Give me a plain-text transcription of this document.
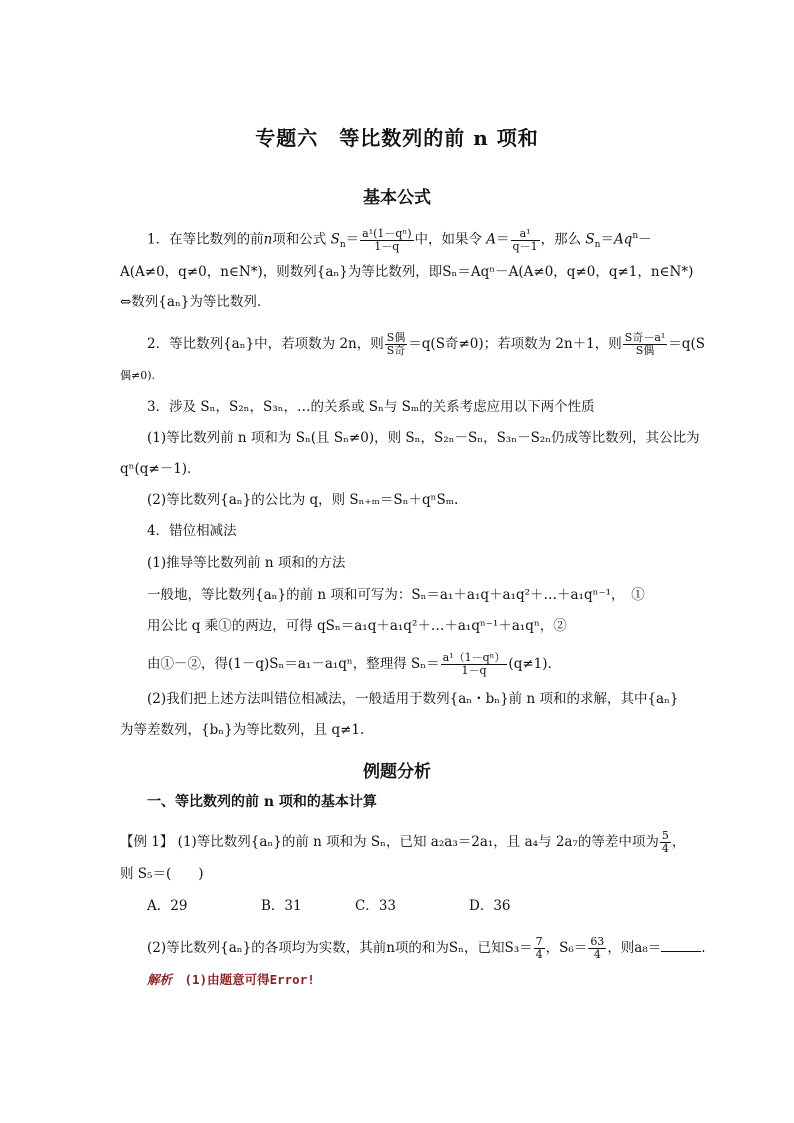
专题六　等比数列的前 n 项和
基本公式
1．在等比数列的前n项和公式 $S_n= \frac{\text{a¹(1－qⁿ)}}{1-q}$ 中，如果令 $A= \frac{\text{a¹}}{q-1}$ ，那么 $S_n=Aq^n-$
A(A≠0，q≠0，n∈N*)，则数列{aₙ}为等比数列，即Sₙ＝Aqⁿ－A(A≠0，q≠0，q≠1，n∈N*)
⇔数列{aₙ}为等比数列．
2．等比数列{aₙ}中，若项数为 2n，则 $\frac{\text{S偶}}{\text{S奇}} =q(S$奇≠0)；若项数为 2n＋1，则 $\frac{\text{S奇－a¹}}{\text{S偶}} =q(S$
偶≠0).
3．涉及 Sₙ，S₂ₙ，S₃ₙ，…的关系或 Sₙ与 Sₘ的关系考虑应用以下两个性质
(1)等比数列前 n 项和为 Sₙ(且 Sₙ≠0)，则 Sₙ，S₂ₙ－Sₙ，S₃ₙ－S₂ₙ仍成等比数列，其公比为
qⁿ(q≠－1)．
(2)等比数列{aₙ}的公比为 q，则 Sₙ₊ₘ＝Sₙ＋qⁿSₘ.
4．错位相减法
(1)推导等比数列前 n 项和的方法
一般地，等比数列{aₙ}的前 n 项和可写为：Sₙ＝a₁＋a₁q＋a₁q²＋…＋a₁qⁿ⁻¹，　①
用公比 q 乘①的两边，可得 qSₙ＝a₁q＋a₁q²＋…＋a₁qⁿ⁻¹＋a₁qⁿ，②
由①－②，得(1－q)Sₙ＝a₁－a₁qⁿ，整理得 $S_n= \frac{\text{a¹（1－qⁿ）}}{1-q} (q\ne 1)$．
(2)我们把上述方法叫错位相减法，一般适用于数列{aₙ・bₙ}前 n 项和的求解，其中{aₙ}
为等差数列，{bₙ}为等比数列，且 q≠1.
例题分析
一、等比数列的前 n 项和的基本计算
【例 1】 (1)等比数列{aₙ}的前 n 项和为 Sₙ，已知 a₂a₃＝2a₁，且 a₄与 2a₇的等差中项为 $\frac{5}{4}$ ，
则 S₅＝(　　)
A．29	B．31	C．33	D．36
(2)等比数列{aₙ}的各项均为实数，其前n项的和为Sₙ，已知$S_3= \frac{7}{4}$ ，$S_6= \frac{63}{4}$ ，则a₈＝	.
解析　 (1)由题意可得Error!
